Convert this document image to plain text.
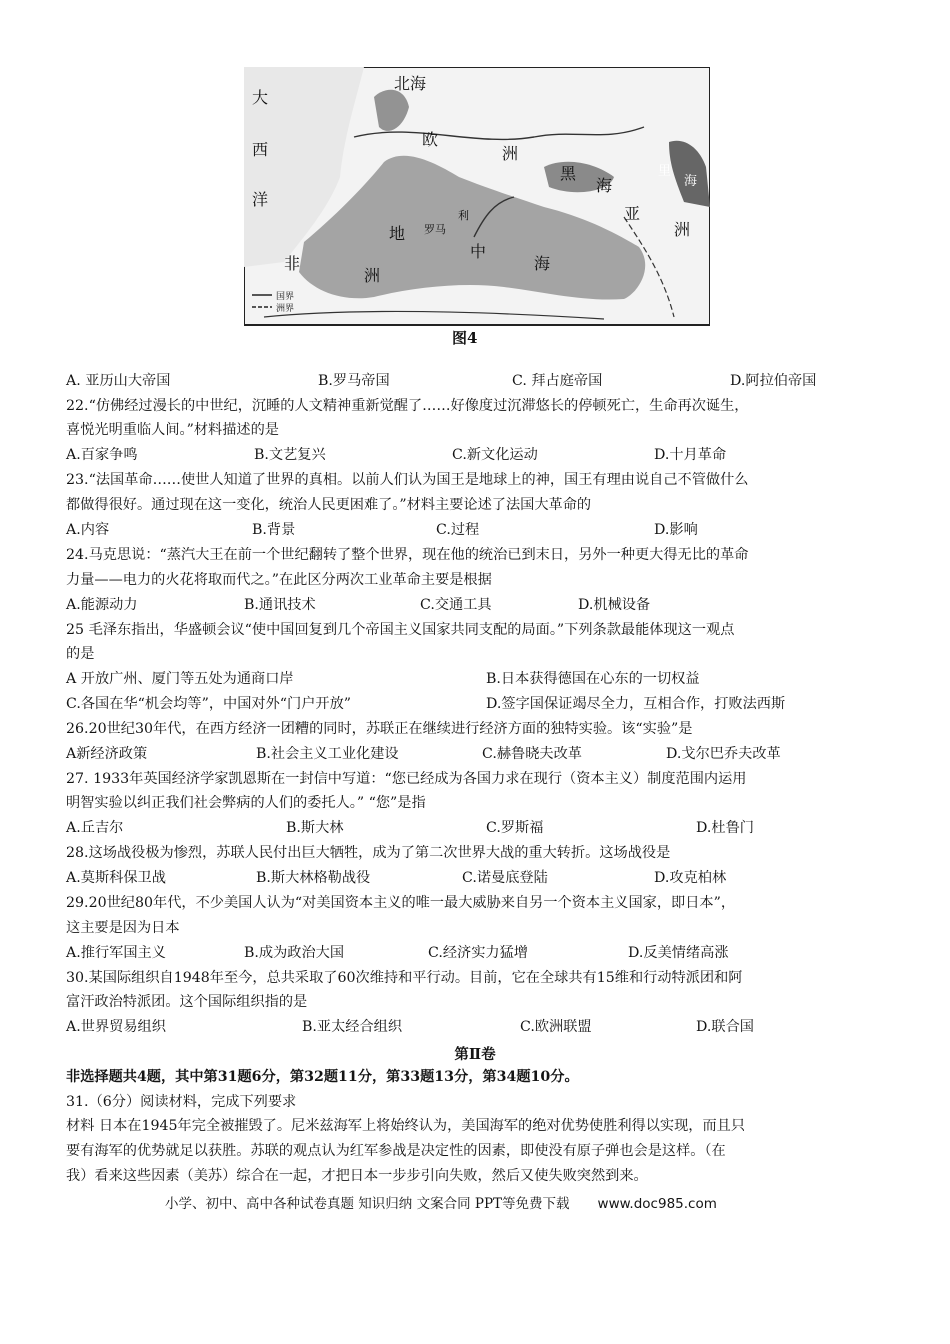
北海
大
西
洋
欧
洲
黑
海
亚
洲
非
洲
地
中
海
里
海
罗马
利
国界
洲界
图4
A. 亚历山大帝国	B.罗马帝国	C. 拜占庭帝国	D.阿拉伯帝国
22.“仿佛经过漫长的中世纪，沉睡的人文精神重新觉醒了……好像度过沉滞悠长的停顿死亡，生命再次诞生，
喜悦光明重临人间。”材料描述的是
A.百家争鸣	B.文艺复兴	C.新文化运动	D.十月革命
23.“法国革命……使世人知道了世界的真相。以前人们认为国王是地球上的神，国王有理由说自己不管做什么
都做得很好。通过现在这一变化，统治人民更困难了。”材料主要论述了法国大革命的
A.内容	B.背景	C.过程	D.影响
24.马克思说：“蒸汽大王在前一个世纪翻转了整个世界，现在他的统治已到末日，另外一种更大得无比的革命
力量——电力的火花将取而代之。”在此区分两次工业革命主要是根据
A.能源动力	B.通讯技术	C.交通工具	D.机械设备
25 毛泽东指出，华盛顿会议“使中国回复到几个帝国主义国家共同支配的局面。”下列条款最能体现这一观点
的是
A 开放广州、厦门等五处为通商口岸	B.日本获得德国在心东的一切权益
C.各国在华“机会均等”，中国对外“门户开放”	D.签字国保证竭尽全力，互相合作，打败法西斯
26.20世纪30年代，在西方经济一团糟的同时，苏联正在继续进行经济方面的独特实验。该“实验”是
A新经济政策	B.社会主义工业化建设	C.赫鲁晓夫改革	D.戈尔巴乔夫改革
27. 1933年英国经济学家凯恩斯在一封信中写道：“您已经成为各国力求在现行（资本主义）制度范围内运用
明智实验以纠正我们社会弊病的人们的委托人。” “您”是指
A.丘吉尔	B.斯大林	C.罗斯福	D.杜鲁门
28.这场战役极为惨烈，苏联人民付出巨大牺牲，成为了第二次世界大战的重大转折。这场战役是
A.莫斯科保卫战	B.斯大林格勒战役	C.诺曼底登陆	D.攻克柏林
29.20世纪80年代，不少美国人认为“对美国资本主义的唯一最大威胁来自另一个资本主义国家，即日本”，
这主要是因为日本
A.推行军国主义	B.成为政治大国	C.经济实力猛增	D.反美情绪高涨
30.某国际组织自1948年至今，总共采取了60次维持和平行动。目前，它在全球共有15维和行动特派团和阿
富汗政治特派团。这个国际组织指的是
A.世界贸易组织	B.亚太经合组织	C.欧洲联盟	D.联合国
第Ⅱ卷
非选择题共4题，其中第31题6分，第32题11分，第33题13分，第34题10分。
31.（6分）阅读材料，完成下列要求
材料 日本在1945年完全被摧毁了。尼米兹海军上将始终认为，美国海军的绝对优势使胜利得以实现，而且只
要有海军的优势就足以获胜。苏联的观点认为红军参战是决定性的因素，即使没有原子弹也会是这样。（在
我）看来这些因素（美苏）综合在一起，才把日本一步步引向失败，然后又使失败突然到来。
小学、初中、高中各种试卷真题 知识归纳 文案合同 PPT等免费下载 www.doc985.com
